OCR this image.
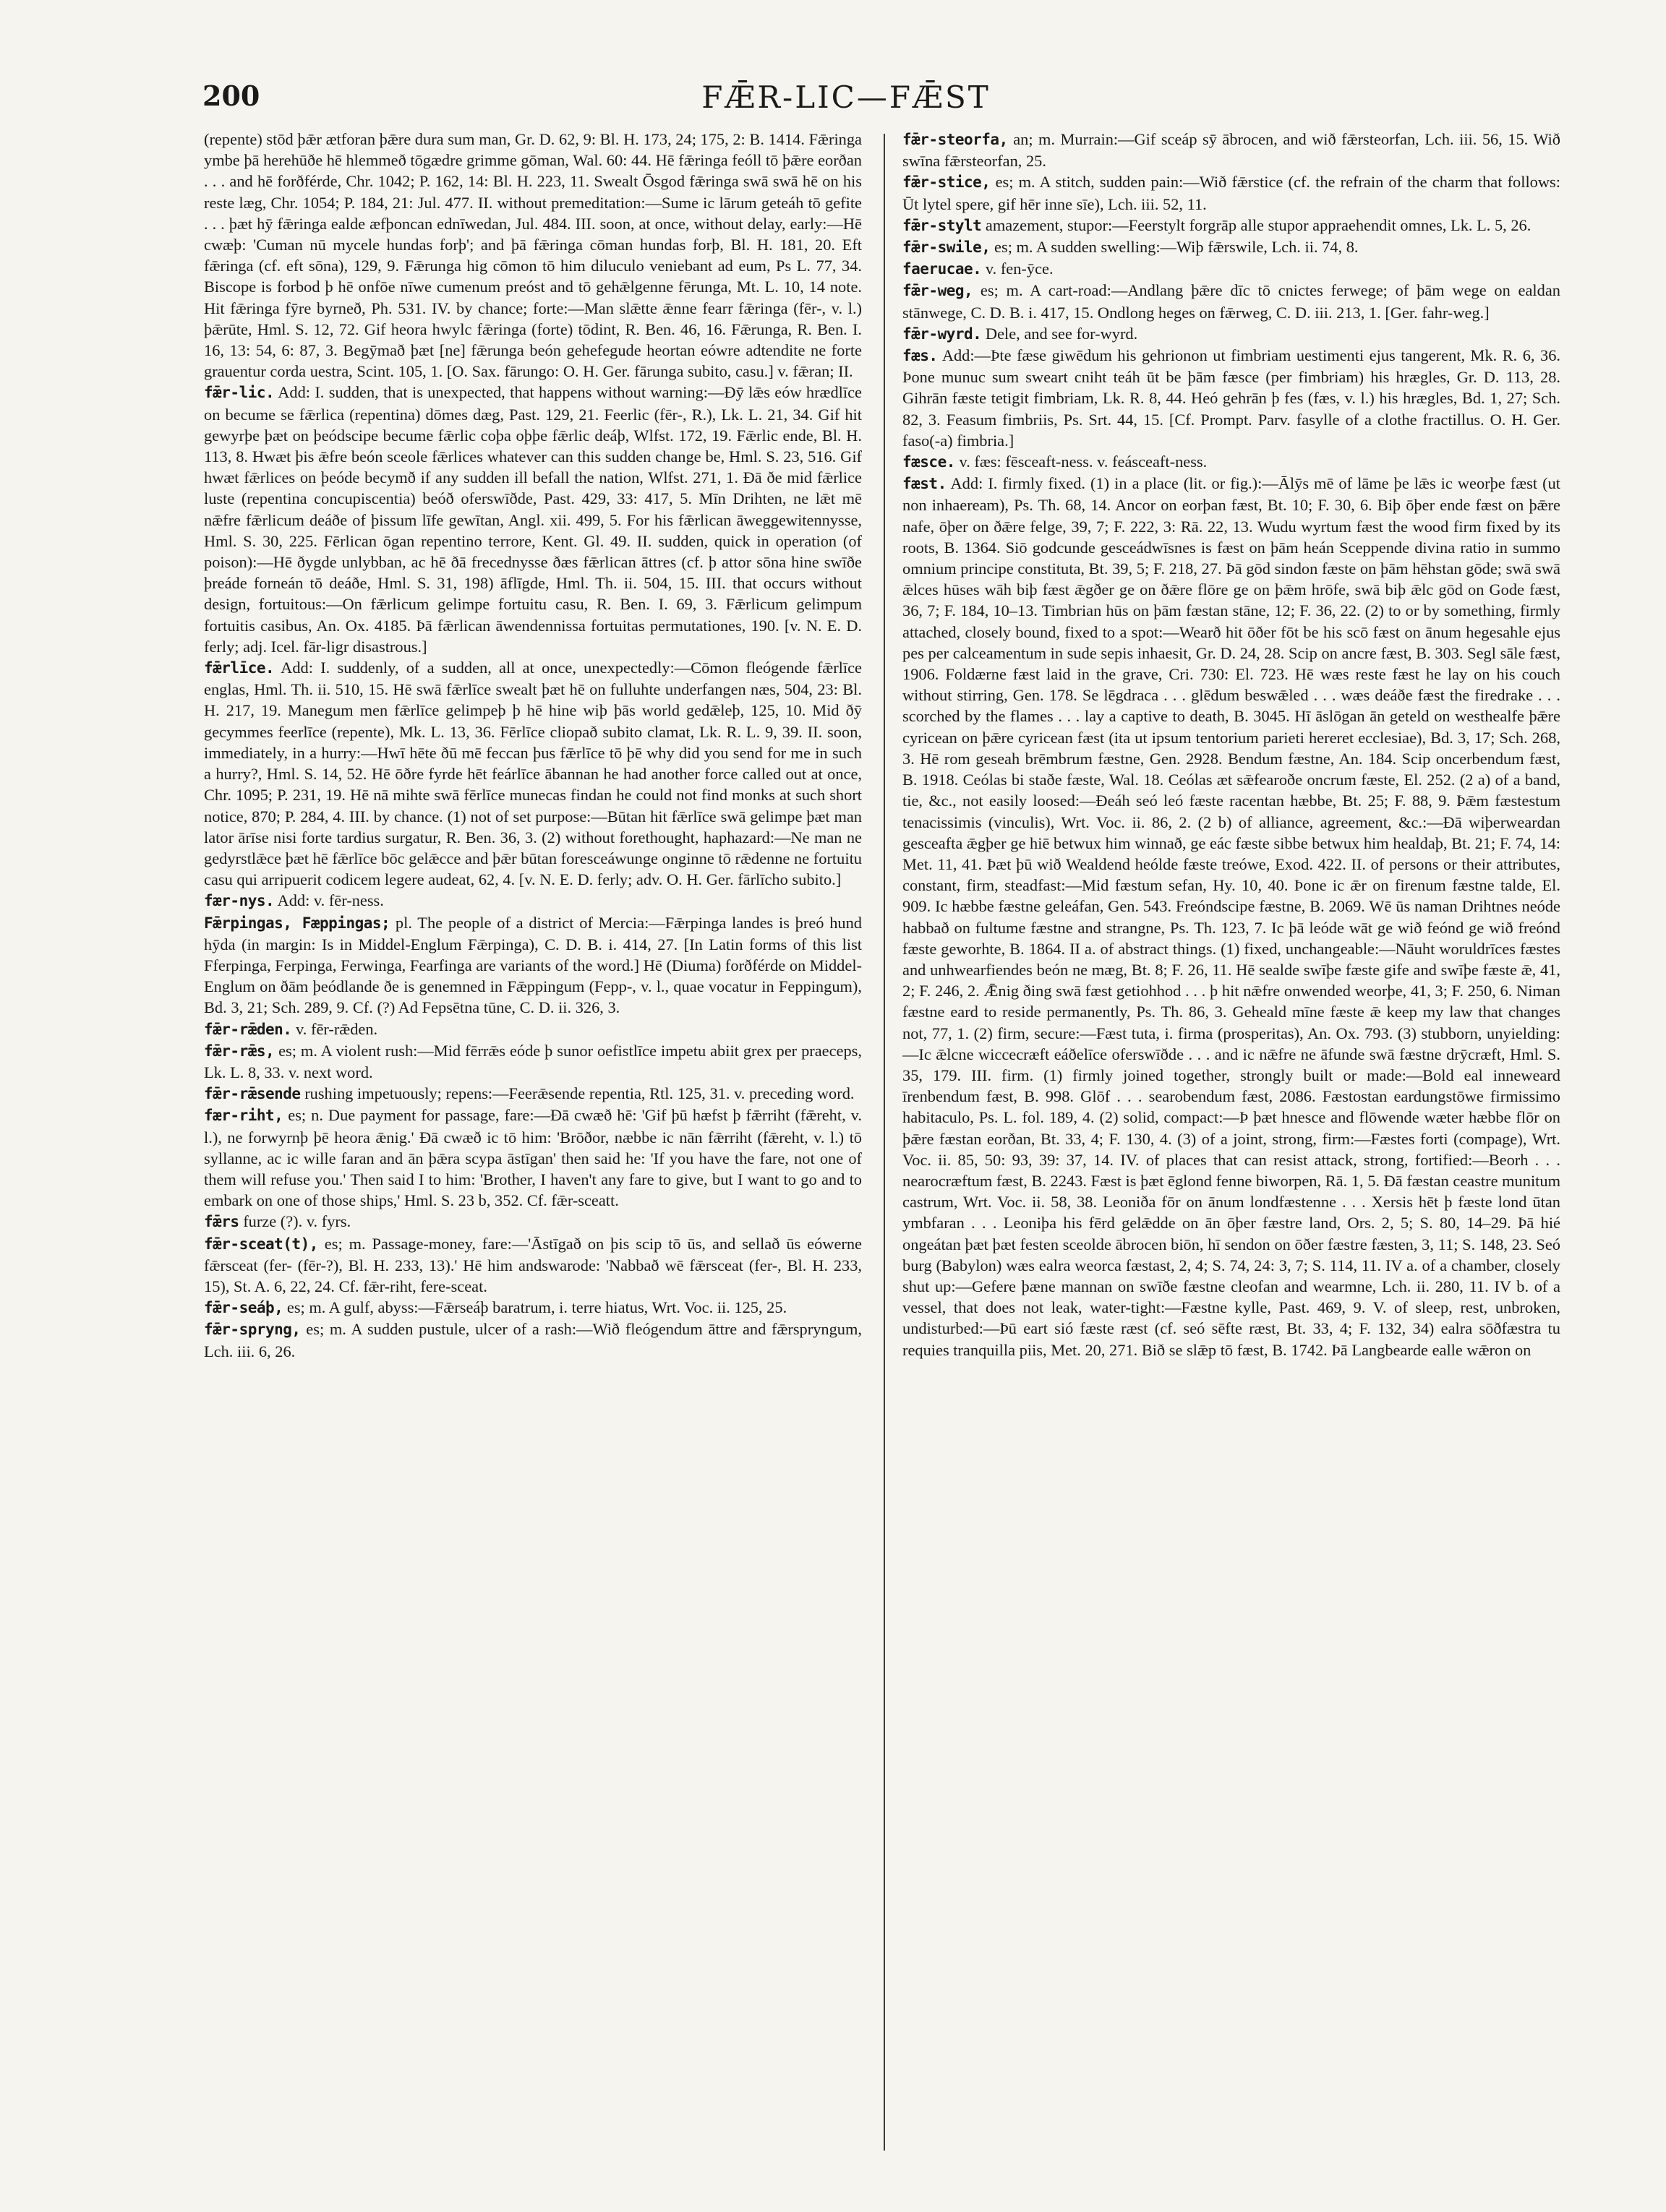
200	FǢR-LIC—FǢST

(repente) stōd þǣr ætforan þǣre dura sum man, Gr. D. 62, 9: Bl. H. 173, 24; 175, 2: B. 1414. Fǣringa ymbe þā herehūðe hē hlemmeð tōgædre grimme gōman, Wal. 60: 44. Hē fǣringa feóll tō þǣre eorðan . . . and hē forðférde, Chr. 1042; P. 162, 14: Bl. H. 223, 11. Swealt Ōsgod fǣringa swā swā hē on his reste læg, Chr. 1054; P. 184, 21: Jul. 477. II. without premeditation:—Sume ic lārum geteáh tō gefite . . . þæt hȳ fǣringa ealde æfþoncan ednīwedan, Jul. 484. III. soon, at once, without delay, early:—Hē cwæþ: 'Cuman nū mycele hundas forþ'; and þā fǣringa cōman hundas forþ, Bl. H. 181, 20. Eft fǣringa (cf. eft sōna), 129, 9. Fǣrunga hig cōmon tō him diluculo veniebant ad eum, Ps L. 77, 34. Biscope is forbod þ hē onfōe nīwe cumenum preóst and tō gehǣlgenne fērunga, Mt. L. 10, 14 note. Hit fǣringa fȳre byrneð, Ph. 531. IV. by chance; forte:—Man slǣtte ǣnne fearr fǣringa (fēr-, v. l.) þǣrūte, Hml. S. 12, 72. Gif heora hwylc fǣringa (forte) tōdint, R. Ben. 46, 16. Fǣrunga, R. Ben. I. 16, 13: 54, 6: 87, 3. Begȳmað þæt [ne] fǣrunga beón gehefegude heortan eówre adtendite ne forte grauentur corda uestra, Scint. 105, 1. [O. Sax. fārungo: O. H. Ger. fārunga subito, casu.] v. fǣran; II.

fǣr-lic. Add: I. sudden, that is unexpected, that happens without warning:—Ðȳ lǣs eów hrædlīce on becume se fǣrlica (repentina) dōmes dæg, Past. 129, 21. Feerlic (fēr-, R.), Lk. L. 21, 34. Gif hit gewyrþe þæt on þeódscipe becume fǣrlic coþa oþþe fǣrlic deáþ, Wlfst. 172, 19. Fǣrlic ende, Bl. H. 113, 8. Hwæt þis ǣfre beón sceole fǣrlices whatever can this sudden change be, Hml. S. 23, 516. Gif hwæt fǣrlices on þeóde becymð if any sudden ill befall the nation, Wlfst. 271, 1. Ðā ðe mid fǣrlice luste (repentina concupiscentia) beóð oferswīðde, Past. 429, 33: 417, 5. Mīn Drihten, ne lǣt mē nǣfre fǣrlicum deáðe of þissum līfe gewītan, Angl. xii. 499, 5. For his fǣrlican āweggewitennysse, Hml. S. 30, 225. Fērlican ōgan repentino terrore, Kent. Gl. 49. II. sudden, quick in operation (of poison):—Hē ðygde unlybban, ac hē ðā frecednysse ðæs fǣrlican āttres (cf. þ attor sōna hine swīðe þreáde forneán tō deáðe, Hml. S. 31, 198) āflīgde, Hml. Th. ii. 504, 15. III. that occurs without design, fortuitous:—On fǣrlicum gelimpe fortuitu casu, R. Ben. I. 69, 3. Fǣrlicum gelimpum fortuitis casibus, An. Ox. 4185. Þā fǣrlican āwendennissa fortuitas permutationes, 190. [v. N. E. D. ferly; adj. Icel. fār-ligr disastrous.]

fǣrlīce. Add: I. suddenly, of a sudden, all at once, unexpectedly:—Cōmon fleógende fǣrlīce englas, Hml. Th. ii. 510, 15. Hē swā fǣrlīce swealt þæt hē on fulluhte underfangen næs, 504, 23: Bl. H. 217, 19. Manegum men fǣrlīce gelimpeþ þ hē hine wiþ þās world gedǣleþ, 125, 10. Mid ðȳ gecymmes feerlīce (repente), Mk. L. 13, 36. Fērlīce cliopað subito clamat, Lk. R. L. 9, 39. II. soon, immediately, in a hurry:—Hwī hēte ðū mē feccan þus fǣrlīce tō þē why did you send for me in such a hurry?, Hml. S. 14, 52. Hē ōðre fyrde hēt feárlīce ābannan he had another force called out at once, Chr. 1095; P. 231, 19. Hē nā mihte swā fērlīce munecas findan he could not find monks at such short notice, 870; P. 284, 4. III. by chance. (1) not of set purpose:—Būtan hit fǣrlīce swā gelimpe þæt man lator ārīse nisi forte tardius surgatur, R. Ben. 36, 3. (2) without forethought, haphazard:—Ne man ne gedyrstlǣce þæt hē fǣrlīce bōc gelǣcce and þǣr būtan foresceáwunge onginne tō rǣdenne ne fortuitu casu qui arripuerit codicem legere audeat, 62, 4. [v. N. E. D. ferly; adv. O. H. Ger. fārlīcho subito.]

fær-nys. Add: v. fēr-ness.

Fǣrpingas, Fæppingas; pl. The people of a district of Mercia:—Fǣrpinga landes is þreó hund hȳda (in margin: Is in Middel-Englum Fǣrpinga), C. D. B. i. 414, 27. [In Latin forms of this list Fferpinga, Ferpinga, Ferwinga, Fearfinga are variants of the word.] Hē (Diuma) forðférde on Middel-Englum on ðām þeódlande ðe is genemned in Fǣppingum (Fepp-, v. l., quae vocatur in Feppingum), Bd. 3, 21; Sch. 289, 9. Cf. (?) Ad Fepsētna tūne, C. D. ii. 326, 3.

fǣr-rǣden. v. fēr-rǣden.

fǣr-rǣs, es; m. A violent rush:—Mid fērrǣs eóde þ sunor oefistlīce impetu abiit grex per praeceps, Lk. L. 8, 33. v. next word.

fǣr-rǣsende rushing impetuously; repens:—Feerǣsende repentia, Rtl. 125, 31. v. preceding word.

fær-riht, es; n. Due payment for passage, fare:—Ðā cwæð hē: 'Gif þū hæfst þ fǣrriht (fǣreht, v. l.), ne forwyrnþ þē heora ǣnig.' Ðā cwæð ic tō him: 'Brōðor, næbbe ic nān fǣrriht (fǣreht, v. l.) tō syllanne, ac ic wille faran and ān þǣra scypa āstīgan' then said he: 'If you have the fare, not one of them will refuse you.' Then said I to him: 'Brother, I haven't any fare to give, but I want to go and to embark on one of those ships,' Hml. S. 23 b, 352. Cf. fǣr-sceatt.

fǣrs furze (?). v. fyrs.

fǣr-sceat(t), es; m. Passage-money, fare:—'Āstīgað on þis scip tō ūs, and sellað ūs eówerne fǣrsceat (fer- (fēr-?), Bl. H. 233, 13).' Hē him andswarode: 'Nabbað wē fǣrsceat (fer-, Bl. H. 233, 15), St. A. 6, 22, 24. Cf. fǣr-riht, fere-sceat.

fǣr-seáþ, es; m. A gulf, abyss:—Fǣrseáþ baratrum, i. terre hiatus, Wrt. Voc. ii. 125, 25.

fǣr-spryng, es; m. A sudden pustule, ulcer of a rash:—Wið fleógendum āttre and fǣrspryngum, Lch. iii. 6, 26.

fǣr-steorfa, an; m. Murrain:—Gif sceáp sȳ ābrocen, and wið fǣrsteorfan, Lch. iii. 56, 15. Wið swīna fǣrsteorfan, 25.

fǣr-stice, es; m. A stitch, sudden pain:—Wið fǣrstice (cf. the refrain of the charm that follows: Ūt lytel spere, gif hēr inne sīe), Lch. iii. 52, 11.

fǣr-stylt amazement, stupor:—Feerstylt forgrāp alle stupor appraehendit omnes, Lk. L. 5, 26.

fǣr-swile, es; m. A sudden swelling:—Wiþ fǣrswile, Lch. ii. 74, 8.

faerucae. v. fen-ȳce.

fǣr-weg, es; m. A cart-road:—Andlang þǣre dīc tō cnictes ferwege; of þām wege on ealdan stānwege, C. D. B. i. 417, 15. Ondlong heges on fǣrweg, C. D. iii. 213, 1. [Ger. fahr-weg.]

fǣr-wyrd. Dele, and see for-wyrd.

fæs. Add:—Þte fæse giwēdum his gehrionon ut fimbriam uestimenti ejus tangerent, Mk. R. 6, 36. Þone munuc sum sweart cniht teáh ūt be þām fæsce (per fimbriam) his hrægles, Gr. D. 113, 28. Gihrān fæste tetigit fimbriam, Lk. R. 8, 44. Heó gehrān þ fes (fæs, v. l.) his hrægles, Bd. 1, 27; Sch. 82, 3. Feasum fimbriis, Ps. Srt. 44, 15. [Cf. Prompt. Parv. fasylle of a clothe fractillus. O. H. Ger. faso(-a) fimbria.]

fæsce. v. fæs: fēsceaft-ness. v. feásceaft-ness.

fæst. Add: I. firmly fixed. (1) in a place (lit. or fig.):—Ālȳs mē of lāme þe lǣs ic weorþe fæst (ut non inhaeream), Ps. Th. 68, 14. Ancor on eorþan fæst, Bt. 10; F. 30, 6. Biþ ōþer ende fæst on þǣre nafe, ōþer on ðǣre felge, 39, 7; F. 222, 3: Rā. 22, 13. Wudu wyrtum fæst the wood firm fixed by its roots, B. 1364. Siō godcunde gesceádwīsnes is fæst on þām heán Sceppende divina ratio in summo omnium principe constituta, Bt. 39, 5; F. 218, 27. Þā gōd sindon fæste on þām hēhstan gōde; swā swā ǣlces hūses wāh biþ fæst ǣgðer ge on ðǣre flōre ge on þǣm hrōfe, swā biþ ǣlc gōd on Gode fæst, 36, 7; F. 184, 10–13. Timbrian hūs on þām fæstan stāne, 12; F. 36, 22. (2) to or by something, firmly attached, closely bound, fixed to a spot:—Wearð hit ōðer fōt be his scō fæst on ānum hegesahle ejus pes per calceamentum in sude sepis inhaesit, Gr. D. 24, 28. Scip on ancre fæst, B. 303. Segl sāle fæst, 1906. Foldærne fæst laid in the grave, Cri. 730: El. 723. Hē wæs reste fæst he lay on his couch without stirring, Gen. 178. Se lēgdraca . . . glēdum beswǣled . . . wæs deáðe fæst the firedrake . . . scorched by the flames . . . lay a captive to death, B. 3045. Hī āslōgan ān geteld on westhealfe þǣre cyricean on þǣre cyricean fæst (ita ut ipsum tentorium parieti hereret ecclesiae), Bd. 3, 17; Sch. 268, 3. Hē rom geseah brēmbrum fæstne, Gen. 2928. Bendum fæstne, An. 184. Scip oncerbendum fæst, B. 1918. Ceólas bi staðe fæste, Wal. 18. Ceólas æt sǣfearoðe oncrum fæste, El. 252. (2 a) of a band, tie, &c., not easily loosed:—Ðeáh seó leó fæste racentan hæbbe, Bt. 25; F. 88, 9. Þǣm fæstestum tenacissimis (vinculis), Wrt. Voc. ii. 86, 2. (2 b) of alliance, agreement, &c.:—Ðā wiþerweardan gesceafta ǣgþer ge hiē betwux him winnað, ge eác fæste sibbe betwux him healdaþ, Bt. 21; F. 74, 14: Met. 11, 41. Þæt þū wið Wealdend heólde fæste treówe, Exod. 422. II. of persons or their attributes, constant, firm, steadfast:—Mid fæstum sefan, Hy. 10, 40. Þone ic ǣr on firenum fæstne talde, El. 909. Ic hæbbe fæstne geleáfan, Gen. 543. Freóndscipe fæstne, B. 2069. Wē ūs naman Drihtnes neóde habbað on fultume fæstne and strangne, Ps. Th. 123, 7. Ic þā leóde wāt ge wið feónd ge wið freónd fæste geworhte, B. 1864. II a. of abstract things. (1) fixed, unchangeable:—Nāuht woruldrīces fæstes and unhwearfiendes beón ne mæg, Bt. 8; F. 26, 11. Hē sealde swīþe fæste gife and swīþe fæste ǣ, 41, 2; F. 246, 2. Ǣnig ðing swā fæst getiohhod . . . þ hit nǣfre onwended weorþe, 41, 3; F. 250, 6. Niman fæstne eard to reside permanently, Ps. Th. 86, 3. Geheald mīne fæste ǣ keep my law that changes not, 77, 1. (2) firm, secure:—Fæst tuta, i. firma (prosperitas), An. Ox. 793. (3) stubborn, unyielding:—Ic ǣlcne wiccecræft eáðelīce oferswīðde . . . and ic nǣfre ne āfunde swā fæstne drȳcræft, Hml. S. 35, 179. III. firm. (1) firmly joined together, strongly built or made:—Bold eal inneweard īrenbendum fæst, B. 998. Glōf . . . searobendum fæst, 2086. Fæstostan eardungstōwe firmissimo habitaculo, Ps. L. fol. 189, 4. (2) solid, compact:—Þ þæt hnesce and flōwende wæter hæbbe flōr on þǣre fæstan eorðan, Bt. 33, 4; F. 130, 4. (3) of a joint, strong, firm:—Fæstes forti (compage), Wrt. Voc. ii. 85, 50: 93, 39: 37, 14. IV. of places that can resist attack, strong, fortified:—Beorh . . . nearocræftum fæst, B. 2243. Fæst is þæt ēglond fenne biworpen, Rā. 1, 5. Ðā fæstan ceastre munitum castrum, Wrt. Voc. ii. 58, 38. Leoniða fōr on ānum londfæstenne . . . Xersis hēt þ fæste lond ūtan ymbfaran . . . Leoniþa his fērd gelǣdde on ān ōþer fæstre land, Ors. 2, 5; S. 80, 14–29. Þā hié ongeátan þæt þæt festen sceolde ābrocen biōn, hī sendon on ōðer fæstre fæsten, 3, 11; S. 148, 23. Seó burg (Babylon) wæs ealra weorca fæstast, 2, 4; S. 74, 24: 3, 7; S. 114, 11. IV a. of a chamber, closely shut up:—Gefere þæne mannan on swīðe fæstne cleofan and wearmne, Lch. ii. 280, 11. IV b. of a vessel, that does not leak, water-tight:—Fæstne kylle, Past. 469, 9. V. of sleep, rest, unbroken, undisturbed:—Þū eart sió fæste ræst (cf. seó sēfte ræst, Bt. 33, 4; F. 132, 34) ealra sōðfæstra tu requies tranquilla piis, Met. 20, 271. Bið se slǣp tō fæst, B. 1742. Þā Langbearde ealle wǣron on
